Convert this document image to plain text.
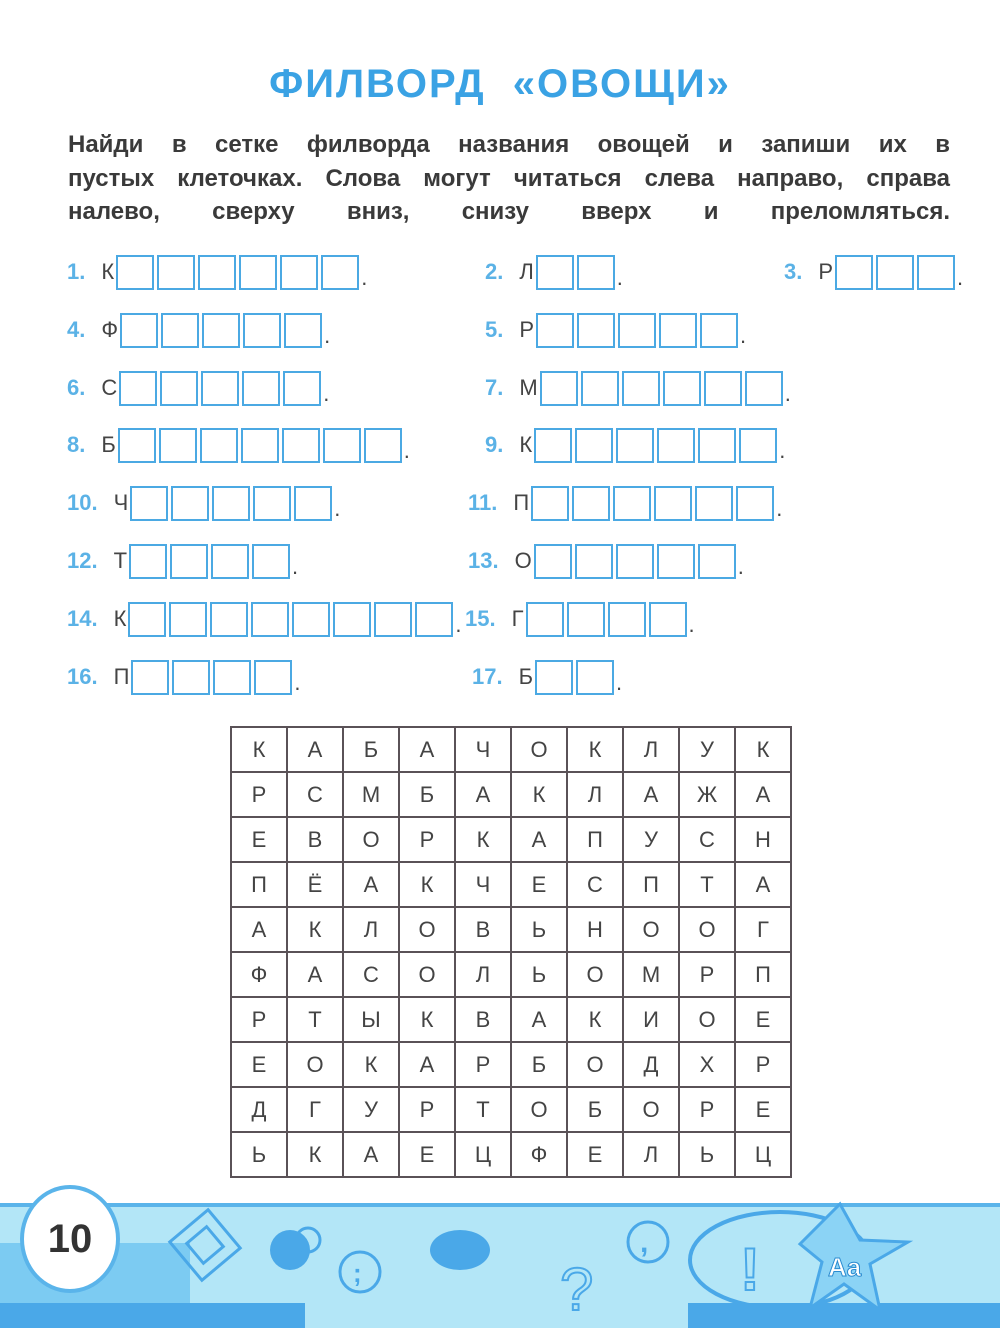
ФИЛВОРД «ОВОЩИ»
Найди в сетке филворда названия овощей и запиши их в
пустых клеточках. Слова могут читаться слева направо, справа
налево, сверху вниз, снизу вверх и преломляться.
1. К	.	2. Л	.	3. Р	.
4. Ф	.	5. Р	.
6. С	.	7. М	.
8. Б	.	9. К	.
10. Ч	.	11. П	.
12. Т	.	13. О	.
14. К	. 15. Г	.
16. П	.	17. Б	.
К	А	Б	А	Ч	О	К	Л	У	К
Р	С	М	Б	А	К	Л	А	Ж	А
Е	В	О	Р	К	А	П	У	С	Н
П	Ё	А	К	Ч	Е	С	П	Т	А
А	К	Л	О	В	Ь	Н	О	О	Г
Ф	А	С	О	Л	Ь	О	М	Р	П
Р	Т	Ы	К	В	А	К	И	О	Е
Е	О	К	А	Р	Б	О	Д	Х	Р
Д	Г	У	Р	Т	О	Б	О	Р	Е
Ь	К	А	Е	Ц	Ф	Е	Л	Ь	Ц
;	?
, !	Aa
10
